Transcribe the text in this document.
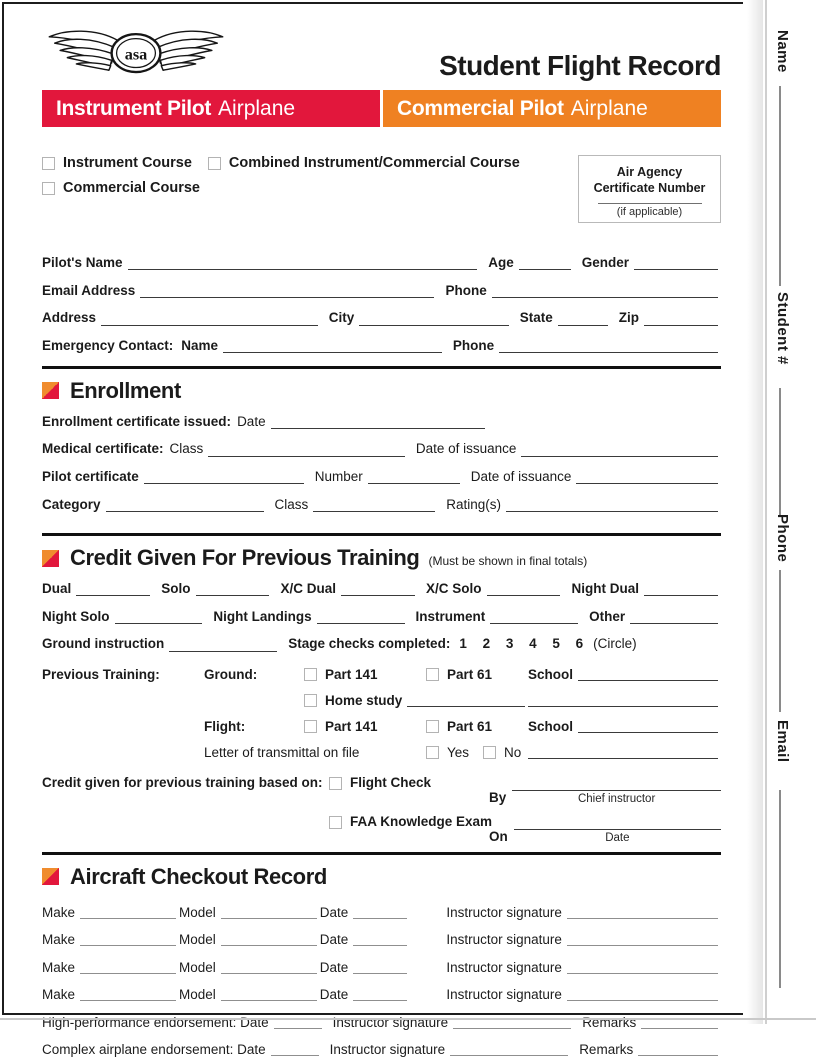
asa	Student Flight Record
Instrument Pilot Airplane	Commercial Pilot Airplane
Air Agency
Certificate Number
(if applicable)
Instrument Course	Combined Instrument/Commercial Course
Commercial Course
Pilot's Name	Age	Gender
Email Address	Phone
Address	City	State	Zip
Emergency Contact: Name	Phone
Enrollment
Enrollment certificate issued: Date
Medical certificate: Class	Date of issuance
Pilot certificate	Number	Date of issuance
Category	Class	Rating(s)
Credit Given For Previous Training (Must be shown in final totals)
Dual	Solo	X/C Dual	X/C Solo	Night Dual
Night Solo	Night Landings	Instrument	Other
Ground instruction	Stage checks completed: 1 2 3 4 5 6 (Circle)
Previous Training:	Ground:	Part 141	Part 61	School
Home study
Flight:	Part 141	Part 61	School
Letter of transmittal on file	Yes	No
Credit given for previous training based on:	Flight Check
By	Chief instructor
FAA Knowledge Exam
On	Date
Aircraft Checkout Record
Make	Model	Date	Instructor signature
Make	Model	Date	Instructor signature
Make	Model	Date	Instructor signature
Make	Model	Date	Instructor signature
High-performance endorsement: Date	Instructor signature	Remarks
Complex airplane endorsement: Date	Instructor signature	Remarks
Name
Student #
Phone
Email
